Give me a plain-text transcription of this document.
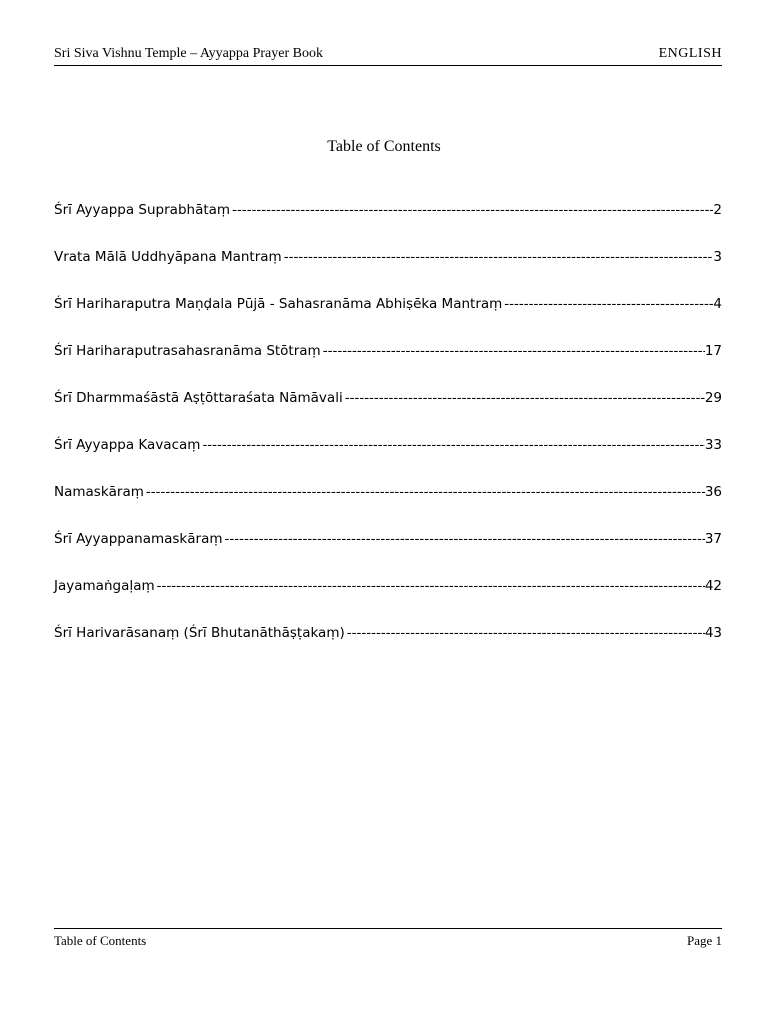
Sri Siva Vishnu Temple – Ayyappa Prayer Book	ENGLISH
Table of Contents
Śrī Ayyappa Suprabhātaṃ -----	2
Vrata Mālā Uddhyāpana Mantraṃ -----	3
Śrī Hariharaputra Maṇḍala Pūjā - Sahasranāma Abhiṣēka Mantraṃ -----	4
Śrī Hariharaputrasahasranāma Stōtraṃ -----	17
Śrī Dharmmaśāstā Aṣṭōttaraśata Nāmāvali -----	29
Śrī Ayyappa Kavacaṃ -----	33
Namaskāraṃ -----	36
Śrī Ayyappanamaskāraṃ -----	37
Jayamaṅgaḷaṃ -----	42
Śrī Harivarāsanaṃ (Śrī Bhutanāthāṣṭakaṃ) -----	43
Table of Contents	Page 1
